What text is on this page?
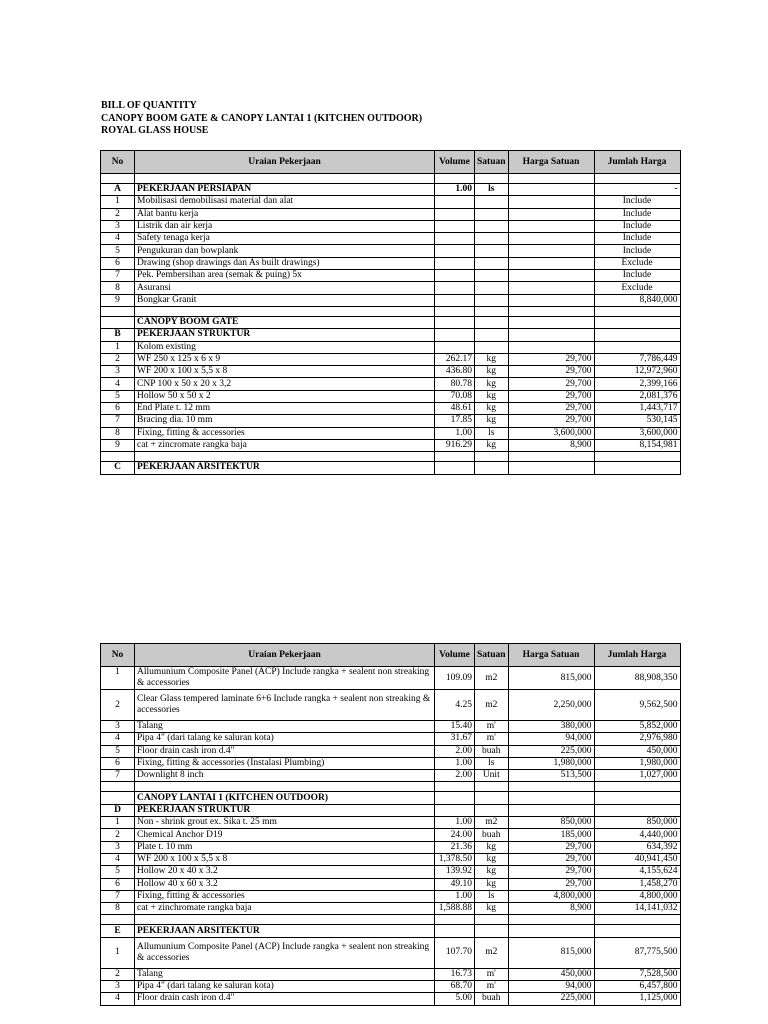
BILL OF QUANTITY
CANOPY BOOM GATE & CANOPY LANTAI 1 (KITCHEN OUTDOOR)
ROYAL GLASS HOUSE
No	Uraian Pekerjaan	Volume	Satuan	Harga Satuan	Jumlah Harga

A	PEKERJAAN PERSIAPAN	1.00	ls		-
1	Mobilisasi demobilisasi material dan alat				Include
2	Alat bantu kerja				Include
3	Listrik dan air kerja				Include
4	Safety tenaga kerja				Include
5	Pengukuran dan bowplank				Include
6	Drawing (shop drawings dan As built drawings)				Exclude
7	Pek. Pembersihan area (semak & puing) 5x				Include
8	Asuransi				Exclude
9	Bongkar Granit				8,840,000

	CANOPY BOOM GATE				
B	PEKERJAAN STRUKTUR				
1	Kolom existing				
2	WF 250 x 125 x 6 x 9	262.17	kg	29,700	7,786,449
3	WF 200 x 100 x 5,5 x 8	436.80	kg	29,700	12,972,960
4	CNP 100 x 50 x 20 x 3,2	80.78	kg	29,700	2,399,166
5	Hollow 50 x 50 x 2	70.08	kg	29,700	2,081,376
6	End Plate t. 12 mm	48.61	kg	29,700	1,443,717
7	Bracing dia. 10 mm	17.85	kg	29,700	530,145
8	Fixing, fitting & accessories	1.00	ls	3,600,000	3,600,000
9	cat + zincromate rangka baja	916.29	kg	8,900	8,154,981

C	PEKERJAAN ARSITEKTUR				
No	Uraian Pekerjaan	Volume	Satuan	Harga Satuan	Jumlah Harga
1	Allumunium Composite Panel (ACP) Include rangka + sealent non streaking & accessories	109.09	m2	815,000	88,908,350
2	Clear Glass tempered laminate 6+6 Include rangka + sealent non streaking & accessories	4.25	m2	2,250,000	9,562,500
3	Talang	15.40	m'	380,000	5,852,000
4	Pipa 4" (dari talang ke saluran kota)	31.67	m'	94,000	2,976,980
5	Floor drain cash iron d.4"	2.00	buah	225,000	450,000
6	Fixing, fitting & accessories (Instalasi Plumbing)	1.00	ls	1,980,000	1,980,000
7	Downlight 8 inch	2.00	Unit	513,500	1,027,000

	CANOPY LANTAI 1 (KITCHEN OUTDOOR)				
D	PEKERJAAN STRUKTUR				
1	Non - shrink grout ex. Sika t. 25 mm	1.00	m2	850,000	850,000
2	Chemical Anchor D19	24.00	buah	185,000	4,440,000
3	Plate t. 10 mm	21.36	kg	29,700	634,392
4	WF 200 x 100 x 5,5 x 8	1,378.50	kg	29,700	40,941,450
5	Hollow 20 x 40 x 3.2	139.92	kg	29,700	4,155,624
6	Hollow 40 x 60 x 3.2	49.10	kg	29,700	1,458,270
7	Fixing, fitting & accessories	1.00	ls	4,800,000	4,800,000
8	cat + zinchromate rangka baja	1,588.88	kg	8,900	14,141,032

E	PEKERJAAN ARSITEKTUR				
1	Allumunium Composite Panel (ACP) Include rangka + sealent non streaking & accessories	107.70	m2	815,000	87,775,500
2	Talang	16.73	m'	450,000	7,528,500
3	Pipa 4" (dari talang ke saluran kota)	68.70	m'	94,000	6,457,800
4	Floor drain cash iron d.4"	5.00	buah	225,000	1,125,000
